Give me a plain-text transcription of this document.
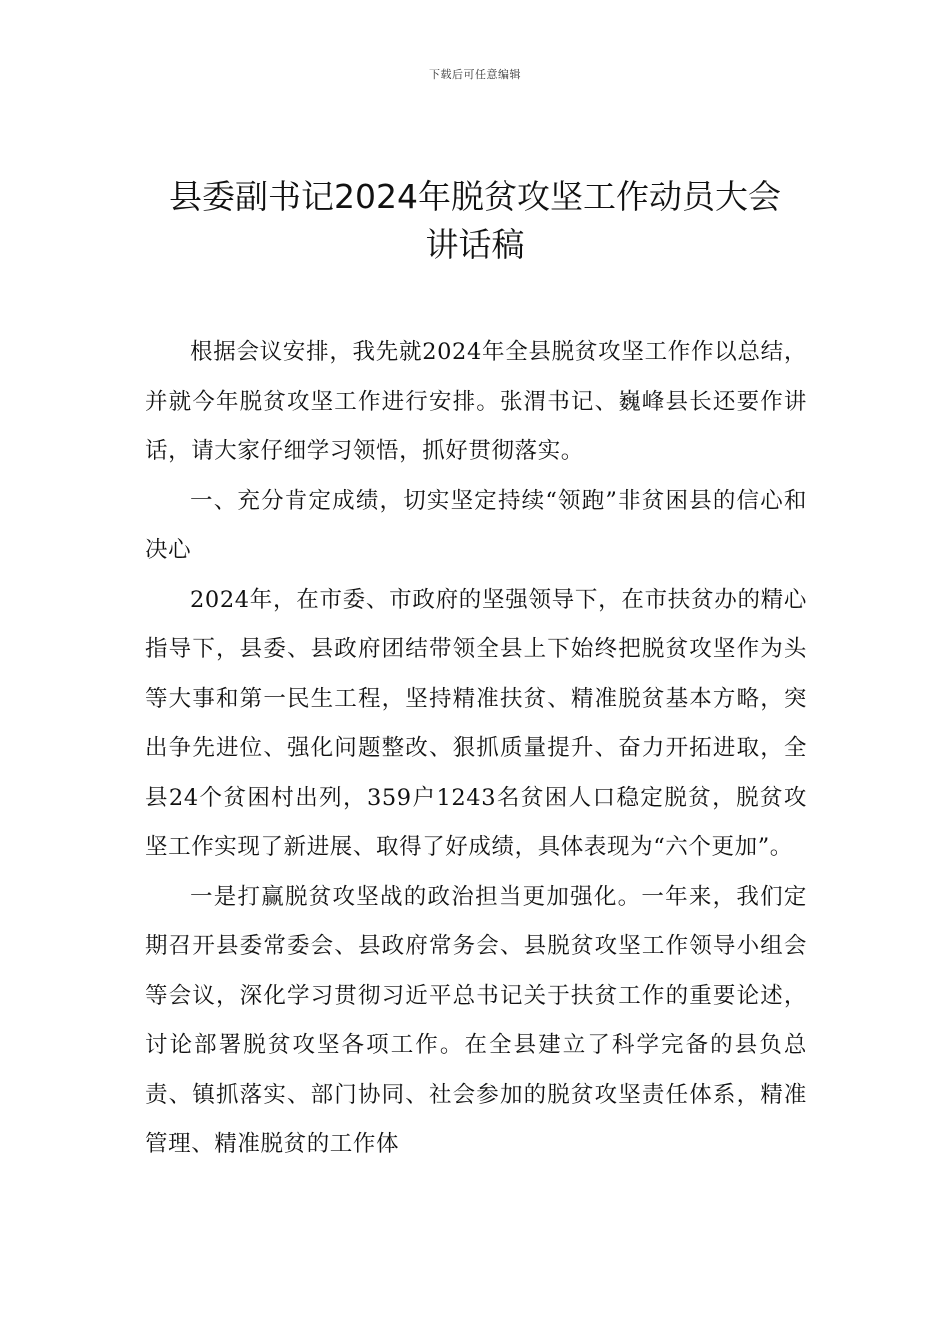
下载后可任意编辑
县委副书记2024年脱贫攻坚工作动员大会
讲话稿

根据会议安排，我先就2024年全县脱贫攻坚工作作以总结，并就今年脱贫攻坚工作进行安排。张渭书记、巍峰县长还要作讲话，请大家仔细学习领悟，抓好贯彻落实。

一、充分肯定成绩，切实坚定持续“领跑”非贫困县的信心和决心

2024年，在市委、市政府的坚强领导下，在市扶贫办的精心指导下，县委、县政府团结带领全县上下始终把脱贫攻坚作为头等大事和第一民生工程，坚持精准扶贫、精准脱贫基本方略，突出争先进位、强化问题整改、狠抓质量提升、奋力开拓进取，全县24个贫困村出列，359户1243名贫困人口稳定脱贫，脱贫攻坚工作实现了新进展、取得了好成绩，具体表现为“六个更加”。

一是打赢脱贫攻坚战的政治担当更加强化。一年来，我们定期召开县委常委会、县政府常务会、县脱贫攻坚工作领导小组会等会议，深化学习贯彻习近平总书记关于扶贫工作的重要论述，讨论部署脱贫攻坚各项工作。在全县建立了科学完备的县负总责、镇抓落实、部门协同、社会参加的脱贫攻坚责任体系，精准管理、精准脱贫的工作体
